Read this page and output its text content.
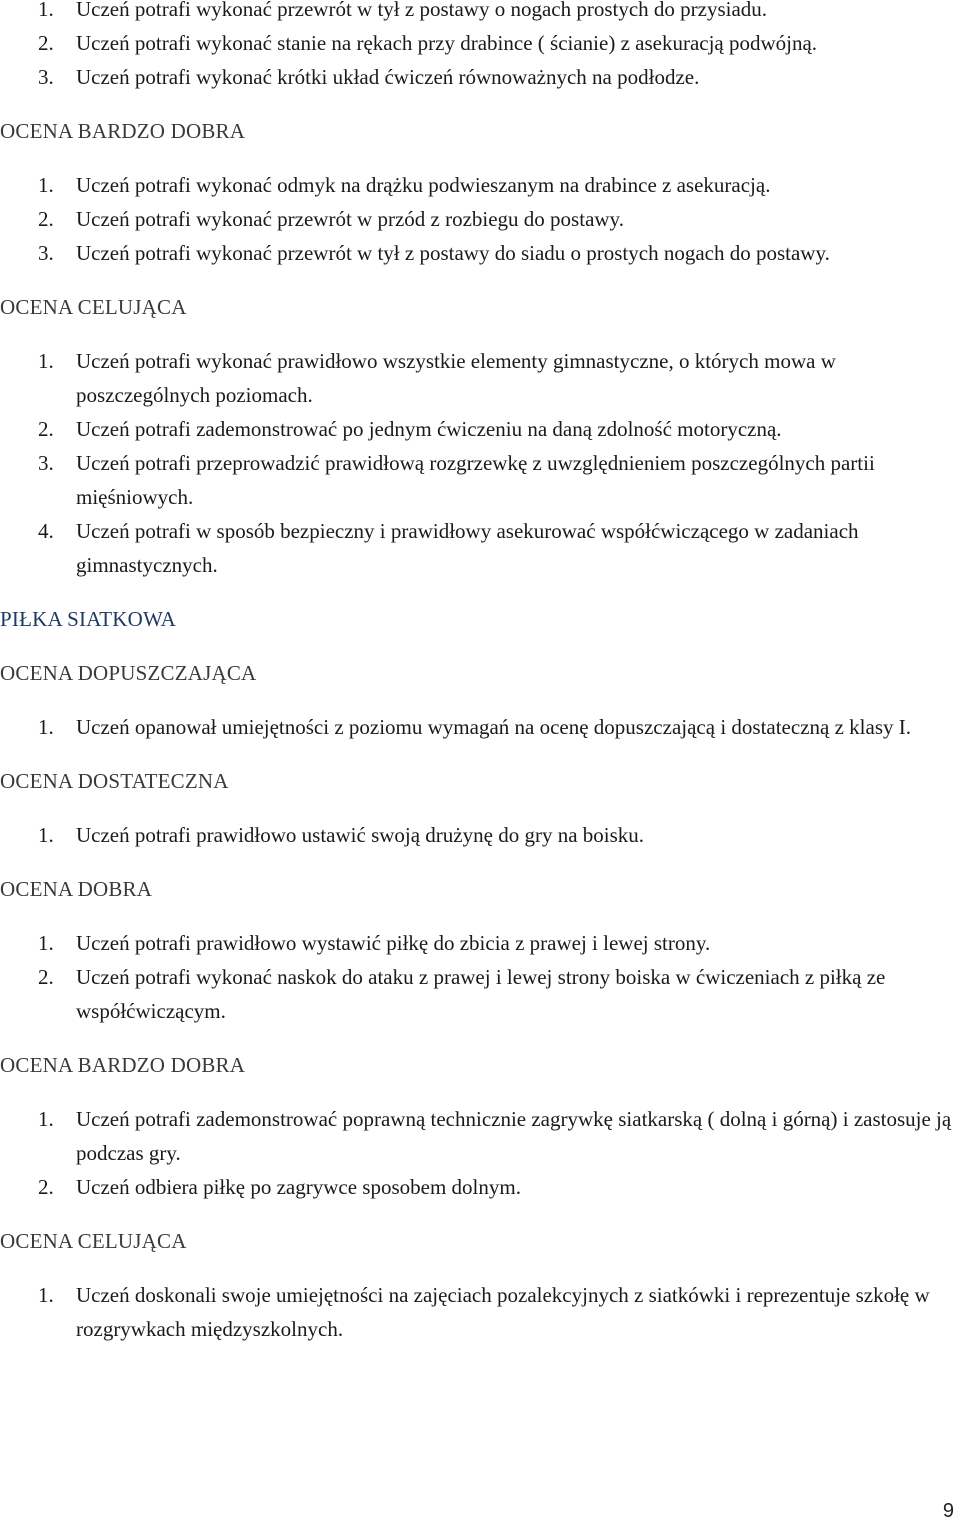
1.	Uczeń potrafi wykonać przewrót w tył z postawy o nogach prostych do przysiadu.
2.	Uczeń potrafi wykonać stanie na rękach przy drabince ( ścianie) z asekuracją podwójną.
3.	Uczeń potrafi wykonać krótki układ ćwiczeń równoważnych na podłodze.
OCENA BARDZO DOBRA
1.	Uczeń potrafi wykonać odmyk na drążku podwieszanym na drabince z asekuracją.
2.	Uczeń potrafi wykonać przewrót w przód z rozbiegu do postawy.
3.	Uczeń potrafi wykonać przewrót w tył z postawy do siadu o prostych nogach do postawy.
OCENA CELUJĄCA
1.	Uczeń potrafi wykonać prawidłowo wszystkie elementy gimnastyczne, o których mowa w poszczególnych poziomach.
2.	Uczeń potrafi zademonstrować po jednym ćwiczeniu na daną zdolność motoryczną.
3.	Uczeń potrafi przeprowadzić prawidłową rozgrzewkę z uwzględnieniem poszczególnych partii mięśniowych.
4.	Uczeń potrafi w sposób bezpieczny i prawidłowy asekurować współćwiczącego w zadaniach gimnastycznych.
PIŁKA SIATKOWA
OCENA DOPUSZCZAJĄCA
1.	Uczeń opanował umiejętności z poziomu wymagań na ocenę dopuszczającą i dostateczną z klasy I.
OCENA DOSTATECZNA
1.	Uczeń potrafi prawidłowo ustawić swoją drużynę do gry na boisku.
OCENA DOBRA
1.	Uczeń potrafi prawidłowo wystawić piłkę do zbicia z prawej i lewej strony.
2.	Uczeń potrafi wykonać naskok do ataku z prawej i lewej strony boiska w ćwiczeniach z piłką ze współćwiczącym.
OCENA BARDZO DOBRA
1.	Uczeń potrafi zademonstrować poprawną technicznie zagrywkę siatkarską ( dolną i górną) i zastosuje ją podczas gry.
2.	Uczeń odbiera piłkę po zagrywce sposobem dolnym.
OCENA CELUJĄCA
1.	Uczeń doskonali swoje umiejętności na zajęciach pozalekcyjnych z siatkówki i reprezentuje szkołę w rozgrywkach międzyszkolnych.
9
